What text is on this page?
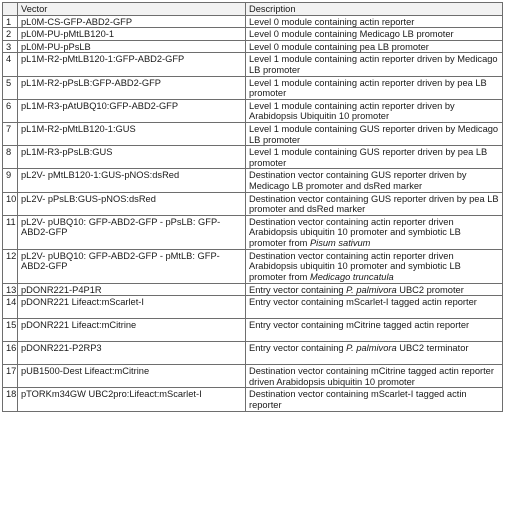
	Vector	Description
1	pL0M-CS-GFP-ABD2-GFP	Level 0 module containing actin reporter
2	pL0M-PU-pMtLB120-1	Level 0 module containing Medicago LB promoter
3	pL0M-PU-pPsLB	Level 0 module containing pea LB promoter
4	pL1M-R2-pMtLB120-1:GFP-ABD2-GFP	Level 1 module containing actin reporter driven by Medicago LB promoter
5	pL1M-R2-pPsLB:GFP-ABD2-GFP	Level 1 module containing actin reporter driven by pea LB promoter
6	pL1M-R3-pAtUBQ10:GFP-ABD2-GFP	Level 1 module containing actin reporter driven by Arabidopsis Ubiquitin 10 promoter
7	pL1M-R2-pMtLB120-1:GUS	Level 1 module containing GUS reporter driven by Medicago LB promoter
8	pL1M-R3-pPsLB:GUS	Level 1 module containing GUS reporter driven by pea LB promoter
9	pL2V- pMtLB120-1:GUS-pNOS:dsRed	Destination vector containing GUS reporter driven by Medicago LB promoter and dsRed marker
10	pL2V- pPsLB:GUS-pNOS:dsRed	Destination vector containing GUS reporter driven by pea LB promoter and dsRed marker
11	pL2V- pUBQ10: GFP-ABD2-GFP - pPsLB: GFP-ABD2-GFP	Destination vector containing actin reporter driven Arabidopsis ubiquitin 10 promoter and symbiotic LB promoter from Pisum sativum
12	pL2V- pUBQ10: GFP-ABD2-GFP - pMtLB: GFP-ABD2-GFP	Destination vector containing actin reporter driven Arabidopsis ubiquitin 10 promoter and symbiotic LB promoter from Medicago truncatula
13	pDONR221-P4P1R	Entry vector containing P. palmivora UBC2 promoter
14	pDONR221 Lifeact:mScarlet-I	Entry vector containing mScarlet-I tagged actin reporter
15	pDONR221 Lifeact:mCitrine	Entry vector containing mCitrine tagged actin reporter
16	pDONR221-P2RP3	Entry vector containing P. palmivora UBC2 terminator
17	pUB1500-Dest Lifeact:mCitrine	Destination vector containing mCitrine tagged actin reporter driven Arabidopsis ubiquitin 10 promoter
18	pTORKm34GW UBC2pro:Lifeact:mScarlet-I	Destination vector containing mScarlet-I tagged actin reporter
